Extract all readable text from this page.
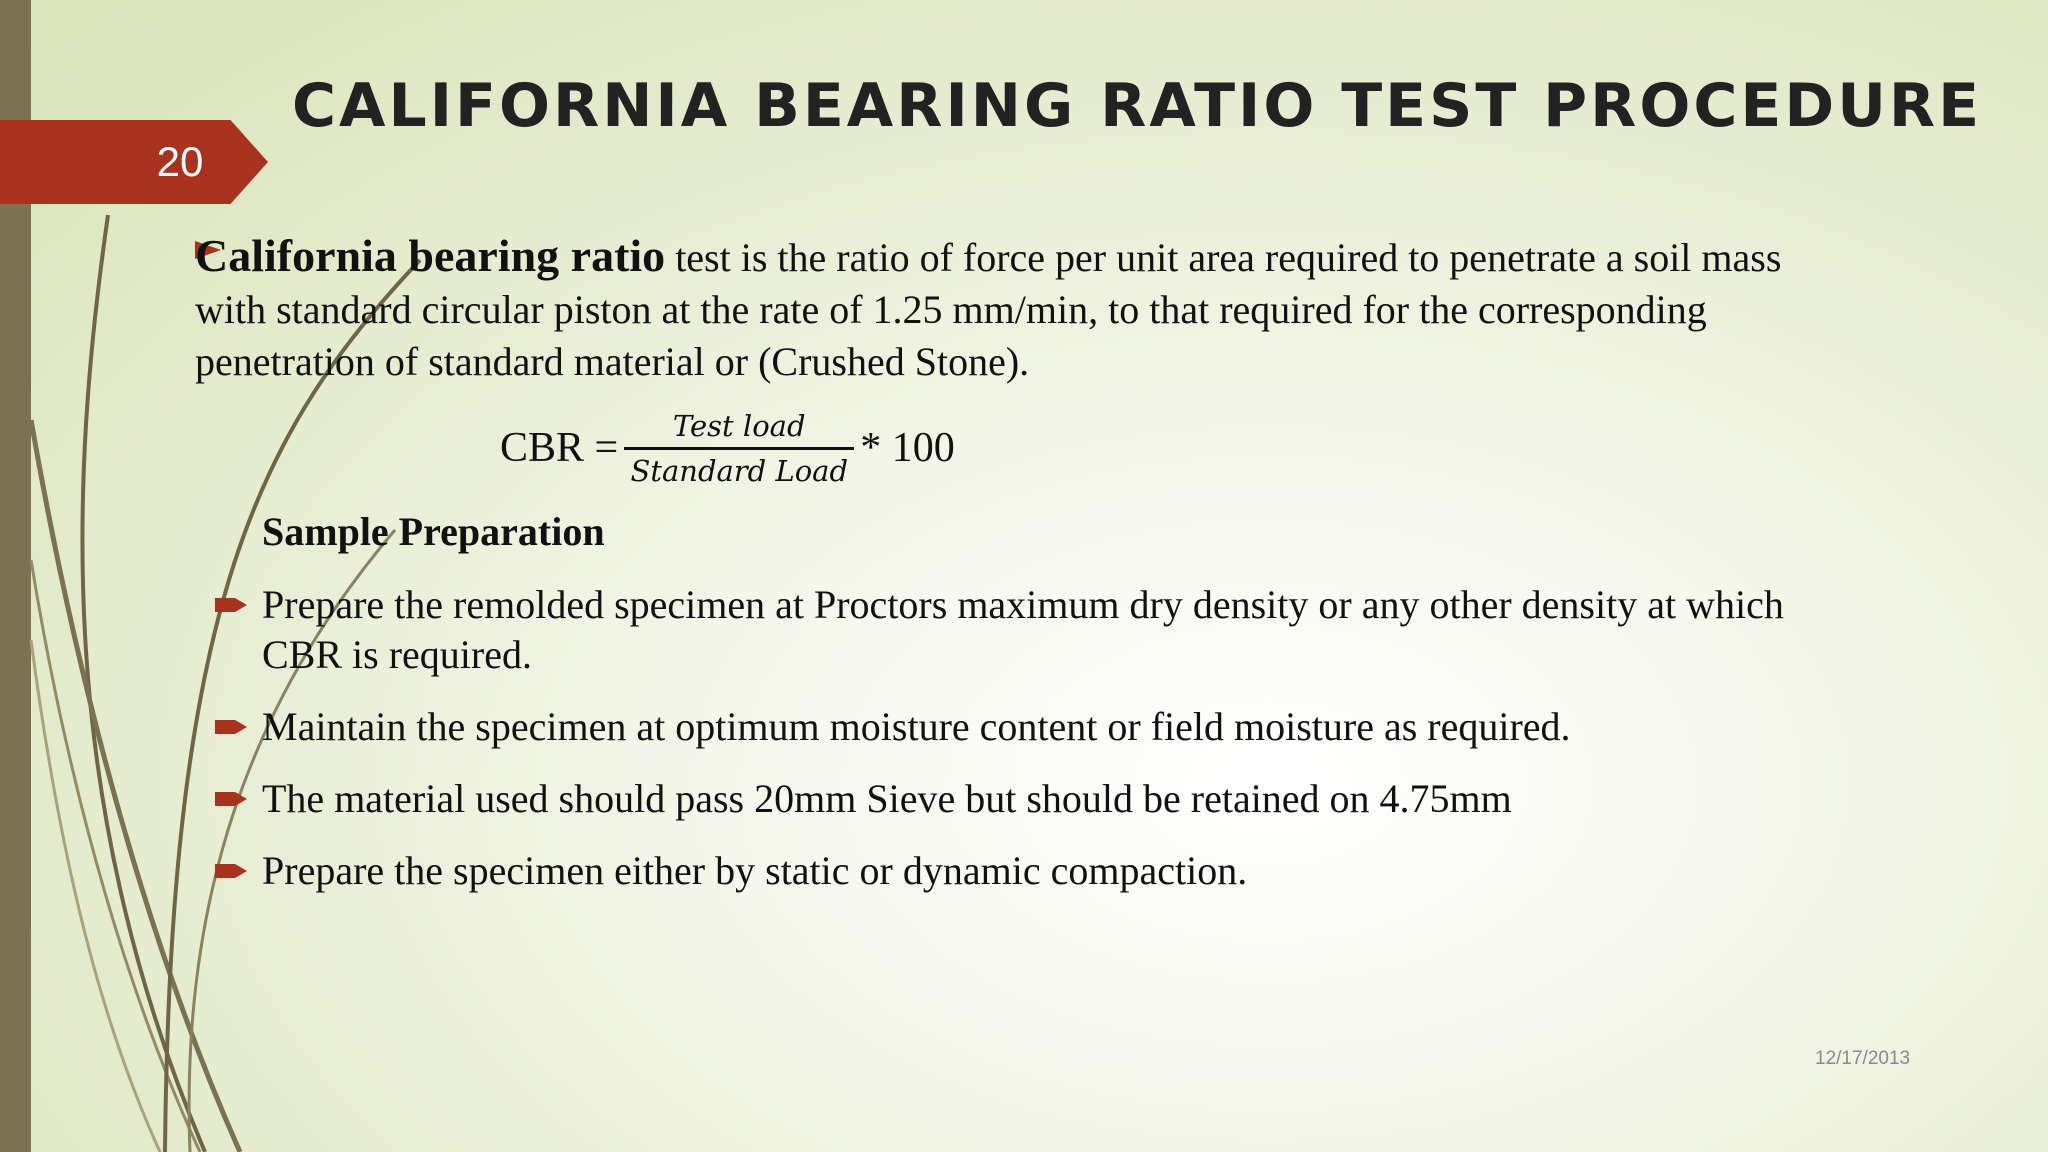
20
CALIFORNIA BEARING RATIO TEST PROCEDURE

California bearing ratio test is the ratio of force per unit area required to penetrate a soil mass with standard circular piston at the rate of 1.25 mm/min, to that required for the corresponding penetration of standard material or (Crushed Stone).

CBR = $\frac{\text{Test load}}{\text{Standard Load}} * 100$
Sample Preparation
Prepare the remolded specimen at Proctors maximum dry density or any other density at which CBR is required.
Maintain the specimen at optimum moisture content or field moisture as required.
The material used should pass 20mm Sieve but should be retained on 4.75mm
Prepare the specimen either by static or dynamic compaction.
12/17/2013
